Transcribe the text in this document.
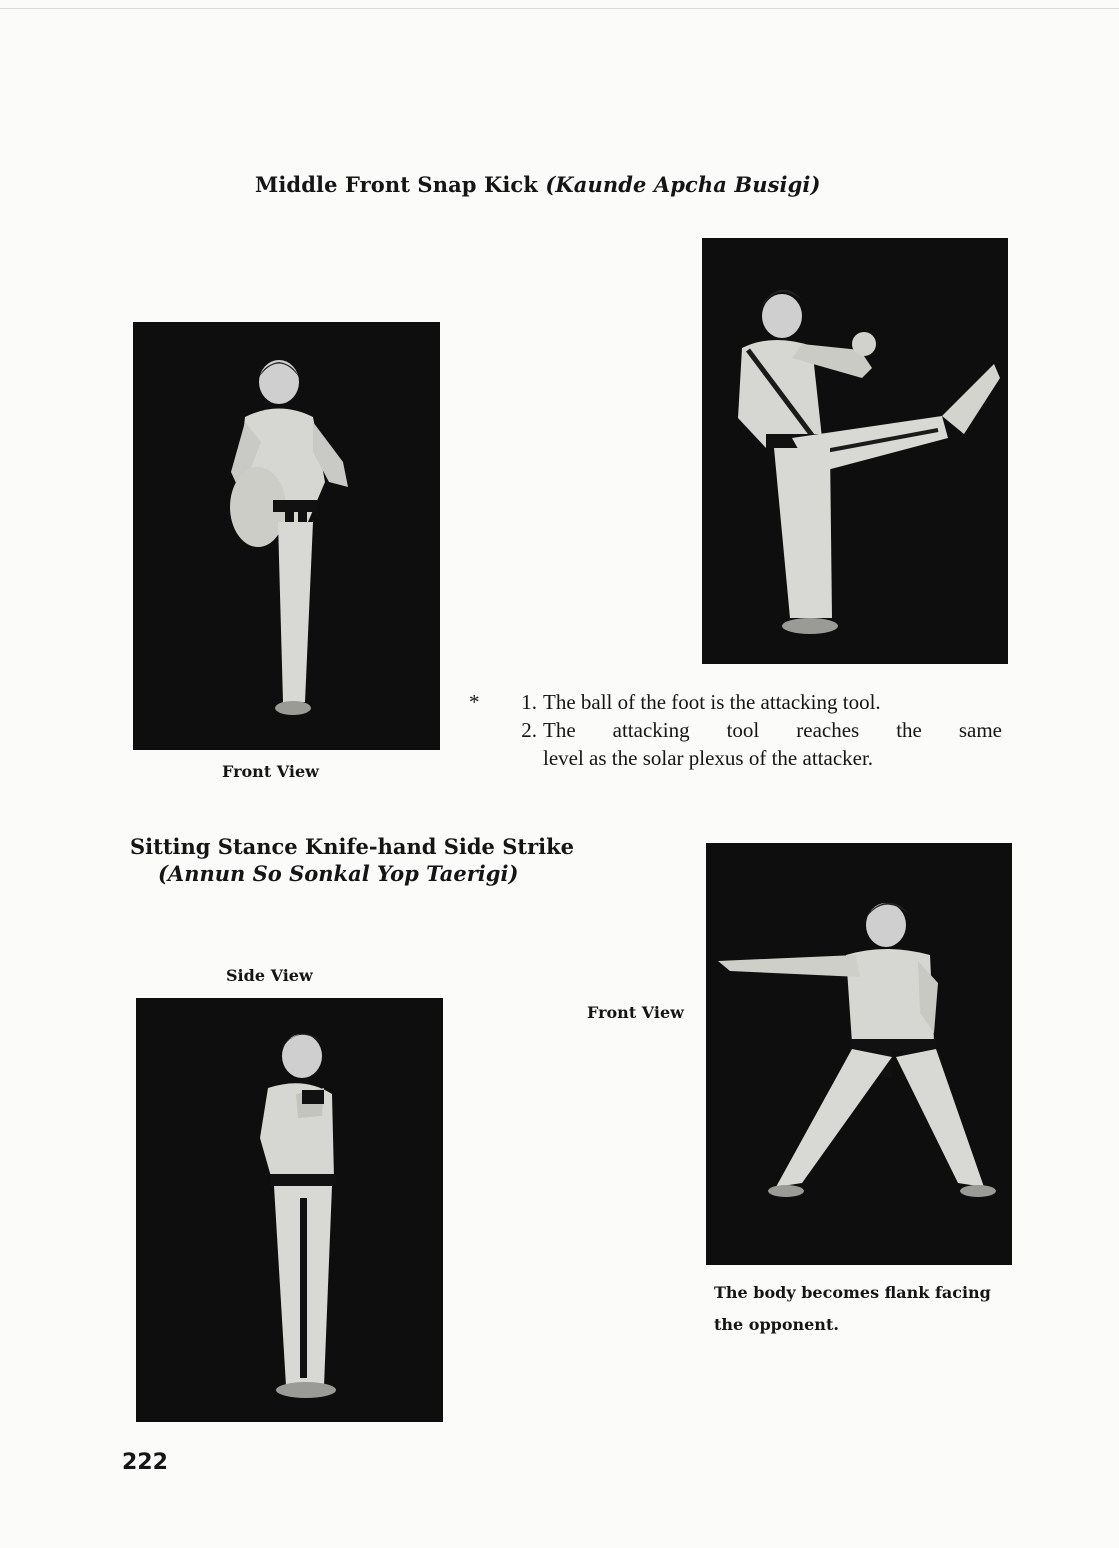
Middle Front Snap Kick (Kaunde Apcha Busigi)
Front View
*	1. The ball of the foot is the attacking tool.
2. The attacking tool reaches the same
level as the solar plexus of the attacker.
Sitting Stance Knife-hand Side Strike
(Annun So Sonkal Yop Taerigi)
Side View
Front View
The body becomes flank facing
the opponent.
222
